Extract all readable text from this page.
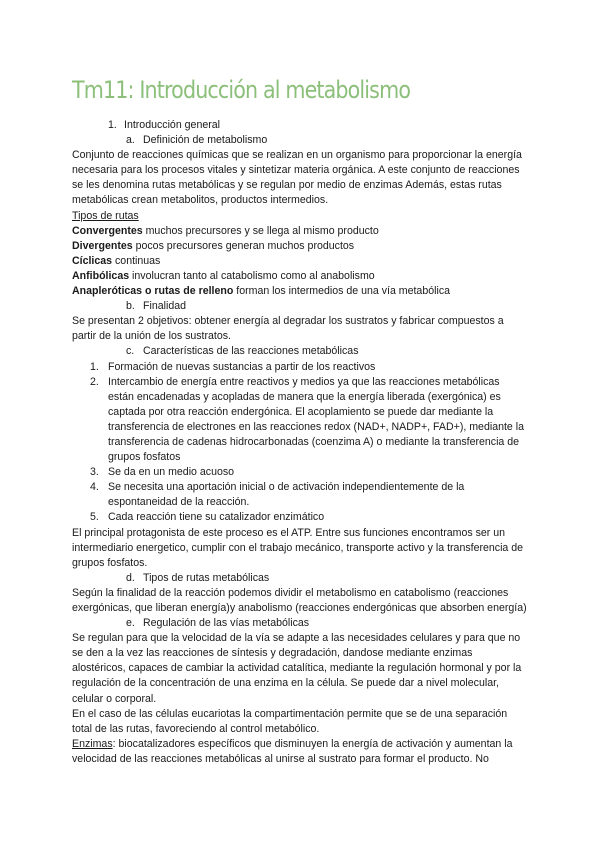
Tm11: Introducción al metabolismo

1. Introducción general

a. Definición de metabolismo

Conjunto de reacciones químicas que se realizan en un organismo para proporcionar la energía necesaria para los procesos vitales y sintetizar materia orgánica. A este conjunto de reacciones se les denomina rutas metabólicas y se regulan por medio de enzimas Además, estas rutas metabólicas crean metabolitos, productos intermedios.

Tipos de rutas

Convergentes muchos precursores y se llega al mismo producto

Divergentes pocos precursores generan muchos productos

Cíclicas continuas

Anfibólicas involucran tanto al catabolismo como al anabolismo

Anapleróticas o rutas de relleno forman los intermedios de una vía metabólica

b. Finalidad

Se presentan 2 objetivos: obtener energía al degradar los sustratos y fabricar compuestos a partir de la unión de los sustratos.

c. Características de las reacciones metabólicas

1. Formación de nuevas sustancias a partir de los reactivos
2. Intercambio de energía entre reactivos y medios ya que las reacciones metabólicas están encadenadas y acopladas de manera que la energía liberada (exergónica) es captada por otra reacción endergónica. El acoplamiento se puede dar mediante la transferencia de electrones en las reacciones redox (NAD+, NADP+, FAD+), mediante la transferencia de cadenas hidrocarbonadas (coenzima A) o mediante la transferencia de grupos fosfatos
3. Se da en un medio acuoso
4. Se necesita una aportación inicial o de activación independientemente de la espontaneidad de la reacción.
5. Cada reacción tiene su catalizador enzimático

El principal protagonista de este proceso es el ATP. Entre sus funciones encontramos ser un intermediario energetico, cumplir con el trabajo mecánico, transporte activo y la transferencia de grupos fosfatos.

d. Tipos de rutas metabólicas

Según la finalidad de la reacción podemos dividir el metabolismo en catabolismo (reacciones exergónicas, que liberan energía)y anabolismo (reacciones endergónicas que absorben energía)

e. Regulación de las vías metabólicas

Se regulan para que la velocidad de la vía se adapte a las necesidades celulares y para que no se den a la vez las reacciones de síntesis y degradación, dandose mediante enzimas alostéricos, capaces de cambiar la actividad catalítica, mediante la regulación hormonal y por la regulación de la concentración de una enzima en la célula. Se puede dar a nivel molecular, celular o corporal.

En el caso de las células eucariotas la compartimentación permite que se de una separación total de las rutas, favoreciendo al control metabólico.

Enzimas: biocatalizadores específicos que disminuyen la energía de activación y aumentan la velocidad de las reacciones metabólicas al unirse al sustrato para formar el producto. No
